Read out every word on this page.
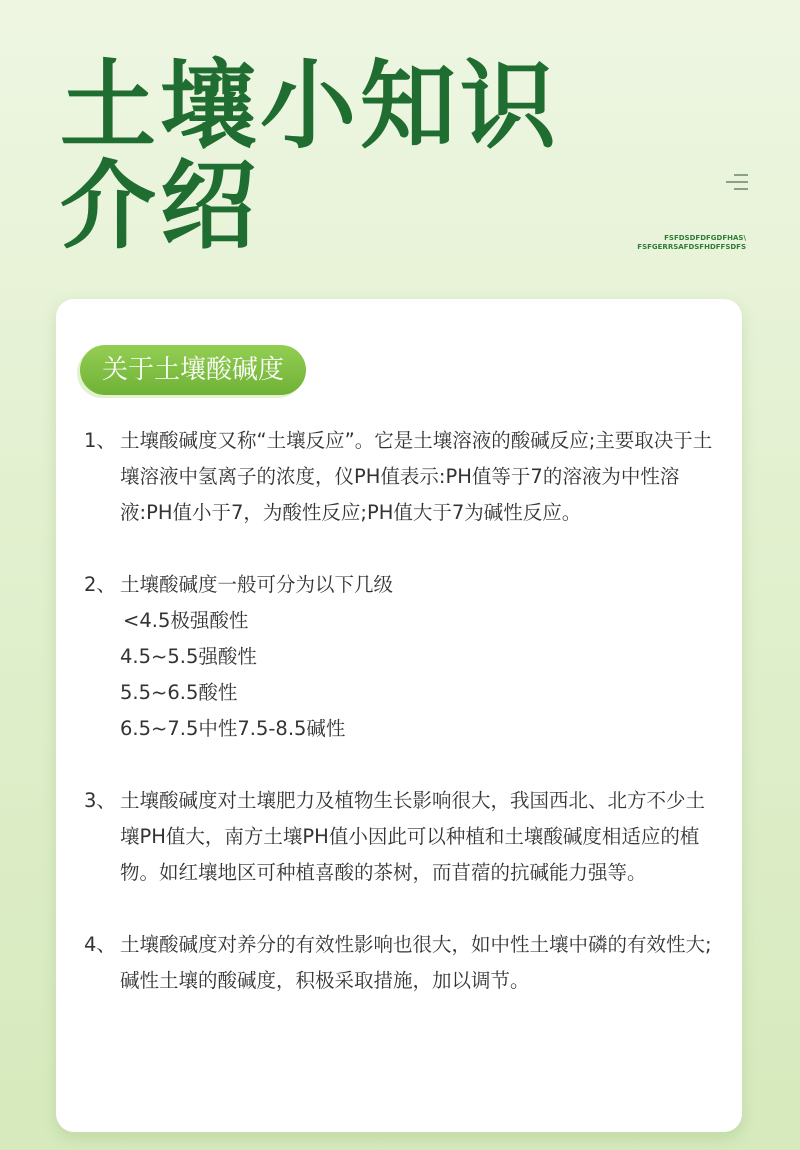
土壤小知识
介绍	FSFDSDFDFGDFHAS\
FSFGERRSAFDSFHDFFSDFS
关于土壤酸碱度
1、 土壤酸碱度又称“土壤反应”。它是土壤溶液的酸碱反应;主要取决于土壤溶液中氢离子的浓度，仪PH值表示:PH值等于7的溶液为中性溶液:PH值小于7，为酸性反应;PH值大于7为碱性反应。
2、 土壤酸碱度一般可分为以下几级
<4.5极强酸性
4.5~5.5强酸性
5.5~6.5酸性
6.5~7.5中性7.5-8.5碱性
3、 土壤酸碱度对土壤肥力及植物生长影响很大，我国西北、北方不少土壤PH值大，南方土壤PH值小因此可以种植和土壤酸碱度相适应的植物。如红壤地区可种植喜酸的茶树，而苜蓿的抗碱能力强等。
4、 土壤酸碱度对养分的有效性影响也很大，如中性土壤中磷的有效性大;碱性土壤的酸碱度，积极采取措施，加以调节。
